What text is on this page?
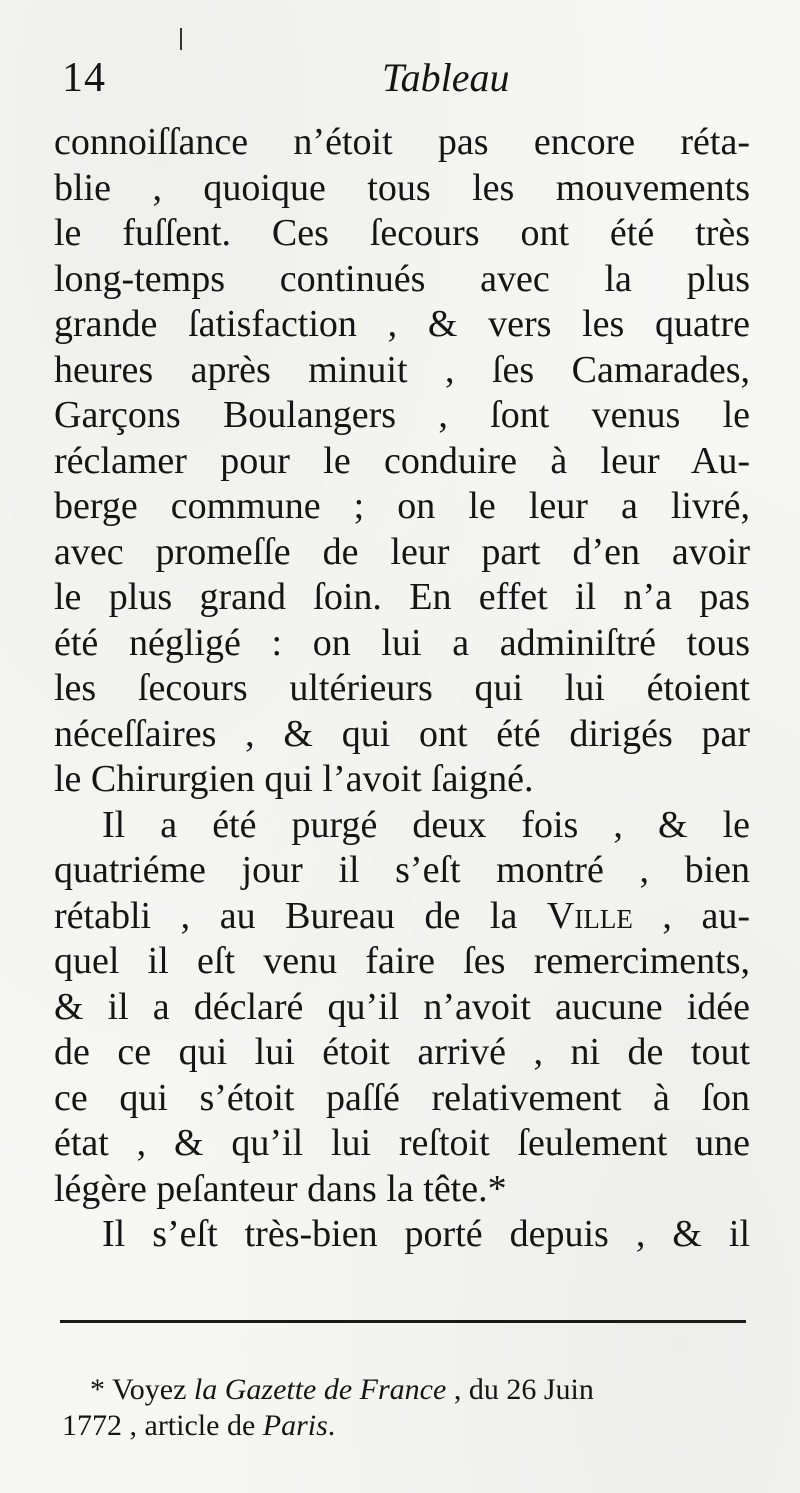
14	Tableau
connoiſſance n’étoit pas encore réta-
blie , quoique tous les mouvements
le fuſſent. Ces ſecours ont été très
long-temps continués avec la plus
grande ſatisfaction , & vers les quatre
heures après minuit , ſes Camarades,
Garçons Boulangers , ſont venus le
réclamer pour le conduire à leur Au-
berge commune ; on le leur a livré,
avec promeſſe de leur part d’en avoir
le plus grand ſoin. En effet il n’a pas
été négligé : on lui a adminiſtré tous
les ſecours ultérieurs qui lui étoient
néceſſaires , & qui ont été dirigés par
le Chirurgien qui l’avoit ſaigné.
Il a été purgé deux fois , & le
quatriéme jour il s’eſt montré , bien
rétabli , au Bureau de la Ville , au-
quel il eſt venu faire ſes remerciments,
& il a déclaré qu’il n’avoit aucune idée
de ce qui lui étoit arrivé , ni de tout
ce qui s’étoit paſſé relativement à ſon
état , & qu’il lui reſtoit ſeulement une
légère peſanteur dans la tête.*
Il s’eſt très-bien porté depuis , & il
* Voyez la Gazette de France , du 26 Juin
1772 , article de Paris.
